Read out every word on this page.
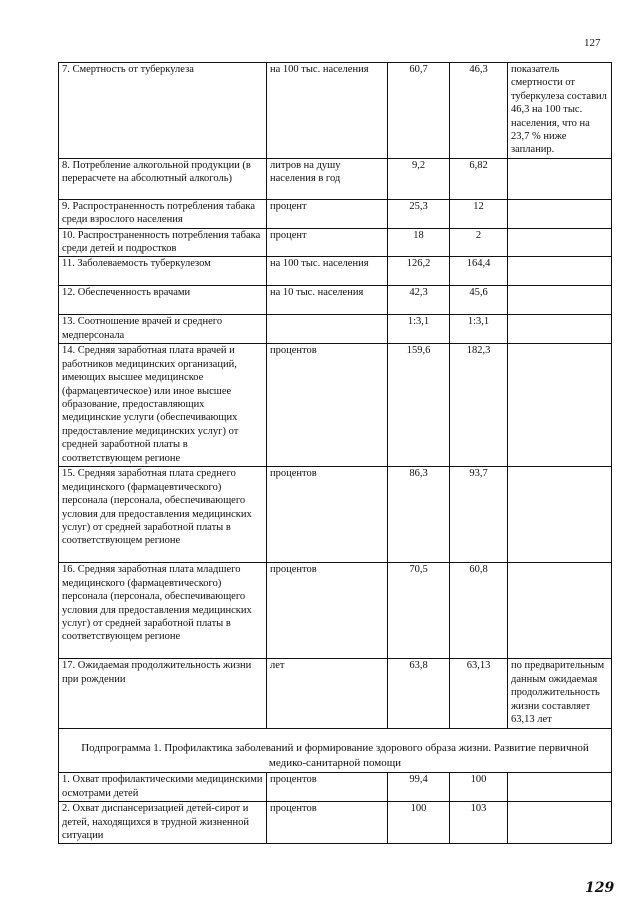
127
7. Смертность от туберкулеза	на 100 тыс. населения	60,7	46,3	показатель смертности от туберкулеза составил 46,3 на 100 тыс. населения, что на 23,7 % ниже запланир.
8. Потребление алкогольной продукции (в перерасчете на абсолютный алкоголь)	литров на душу населения в год	9,2	6,82	
9. Распространенность потребления табака среди взрослого населения	процент	25,3	12	
10. Распространенность потребления табака среди детей и подростков	процент	18	2	
11. Заболеваемость туберкулезом	на 100 тыс. населения	126,2	164,4	
12. Обеспеченность врачами	на 10 тыс. населения	42,3	45,6	
13. Соотношение врачей и среднего медперсонала		1:3,1	1:3,1	
14. Средняя заработная плата врачей и работников медицинских организаций, имеющих высшее медицинское (фармацевтическое) или иное высшее образование, предоставляющих медицинские услуги (обеспечивающих предоставление медицинских услуг) от средней заработной платы в соответствующем регионе	процентов	159,6	182,3	
15. Средняя заработная плата среднего медицинского (фармацевтического) персонала (персонала, обеспечивающего условия для предоставления медицинских услуг) от средней заработной платы в соответствующем регионе	процентов	86,3	93,7	
16. Средняя заработная плата младшего медицинского (фармацевтического) персонала (персонала, обеспечивающего условия для предоставления медицинских услуг) от средней заработной платы в соответствующем регионе	процентов	70,5	60,8	
17. Ожидаемая продолжительность жизни при рождении	лет	63,8	63,13	по предварительным данным ожидаемая продолжительность жизни составляет 63,13 лет
Подпрограмма 1. Профилактика заболеваний и формирование здорового образа жизни. Развитие первичной медико-санитарной помощи				
1. Охват профилактическими медицинскими осмотрами детей	процентов	99,4	100	
2. Охват диспансеризацией детей-сирот и детей, находящихся в трудной жизненной ситуации	процентов	100	103	
129
